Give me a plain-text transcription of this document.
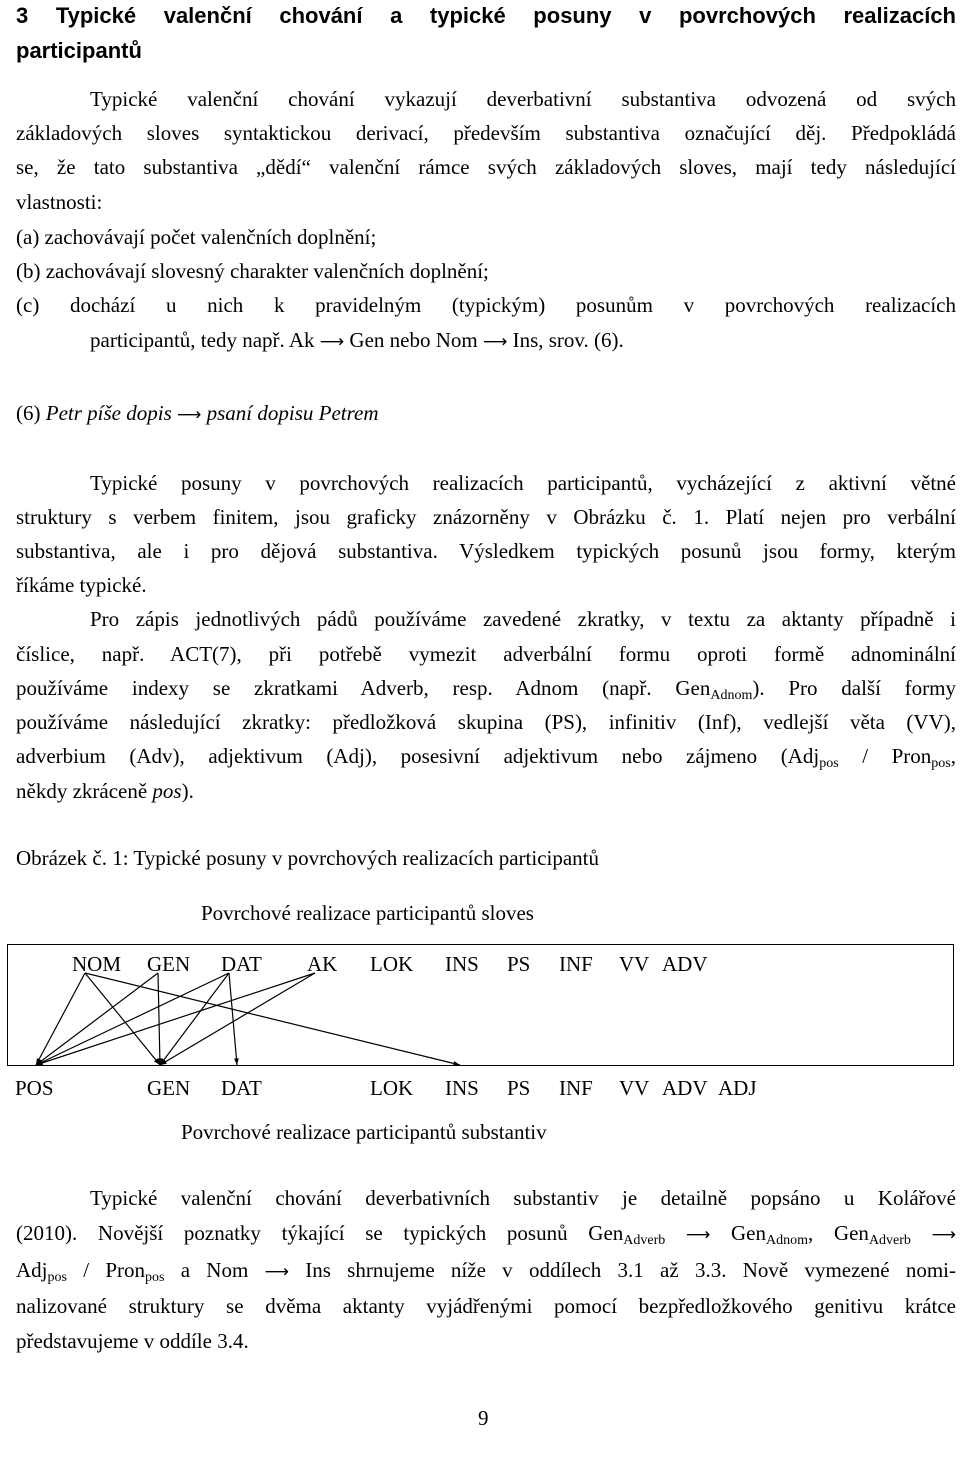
3 Typické valenční chování a typické posuny v povrchových realizacích
participantů
Typické valenční chování vykazují deverbativní substantiva odvozená od svých
základových sloves syntaktickou derivací, především substantiva označující děj. Předpokládá
se, že tato substantiva „dědí“ valenční rámce svých základových sloves, mají tedy následující
vlastnosti:
(a) zachovávají počet valenčních doplnění;
(b) zachovávají slovesný charakter valenčních doplnění;
(c) dochází u nich k pravidelným (typickým) posunům v povrchových realizacích
participantů, tedy např. Ak ⟶ Gen nebo Nom ⟶ Ins, srov. (6).
(6) Petr píše dopis ⟶ psaní dopisu Petrem
Typické posuny v povrchových realizacích participantů, vycházející z aktivní větné
struktury s verbem finitem, jsou graficky znázorněny v Obrázku č. 1. Platí nejen pro verbální
substantiva, ale i pro dějová substantiva. Výsledkem typických posunů jsou formy, kterým
říkáme typické.
Pro zápis jednotlivých pádů používáme zavedené zkratky, v textu za aktanty případně i
číslice, např. ACT(7), při potřebě vymezit adverbální formu oproti formě adnominální
používáme indexy se zkratkami Adverb, resp. Adnom (např. Gen$_{Adnom}$). Pro další formy
používáme následující zkratky: předložková skupina (PS), infinitiv (Inf), vedlejší věta (VV),
adverbium (Adv), adjektivum (Adj), posesivní adjektivum nebo zájmeno (Adj$_{pos}$ / Pron$_{pos}$,
někdy zkráceně pos).
Obrázek č. 1: Typické posuny v povrchových realizacích participantů
Povrchové realizace participantů sloves
NOM GEN DAT AK LOK INS PS INF VV ADV
POS	GEN DAT	LOK INS PS INF VV ADV ADJ
Povrchové realizace participantů substantiv
Typické valenční chování deverbativních substantiv je detailně popsáno u Kolářové
(2010). Novější poznatky týkající se typických posunů Gen$_{Adverb}$ ⟶ Gen$_{Adnom}$, Gen$_{Adverb}$ ⟶
Adj$_{pos}$ / Pron$_{pos}$ a Nom ⟶ Ins shrnujeme níže v oddílech 3.1 až 3.3. Nově vymezené nomi-
nalizované struktury se dvěma aktanty vyjádřenými pomocí bezpředložkového genitivu krátce
představujeme v oddíle 3.4.
9
